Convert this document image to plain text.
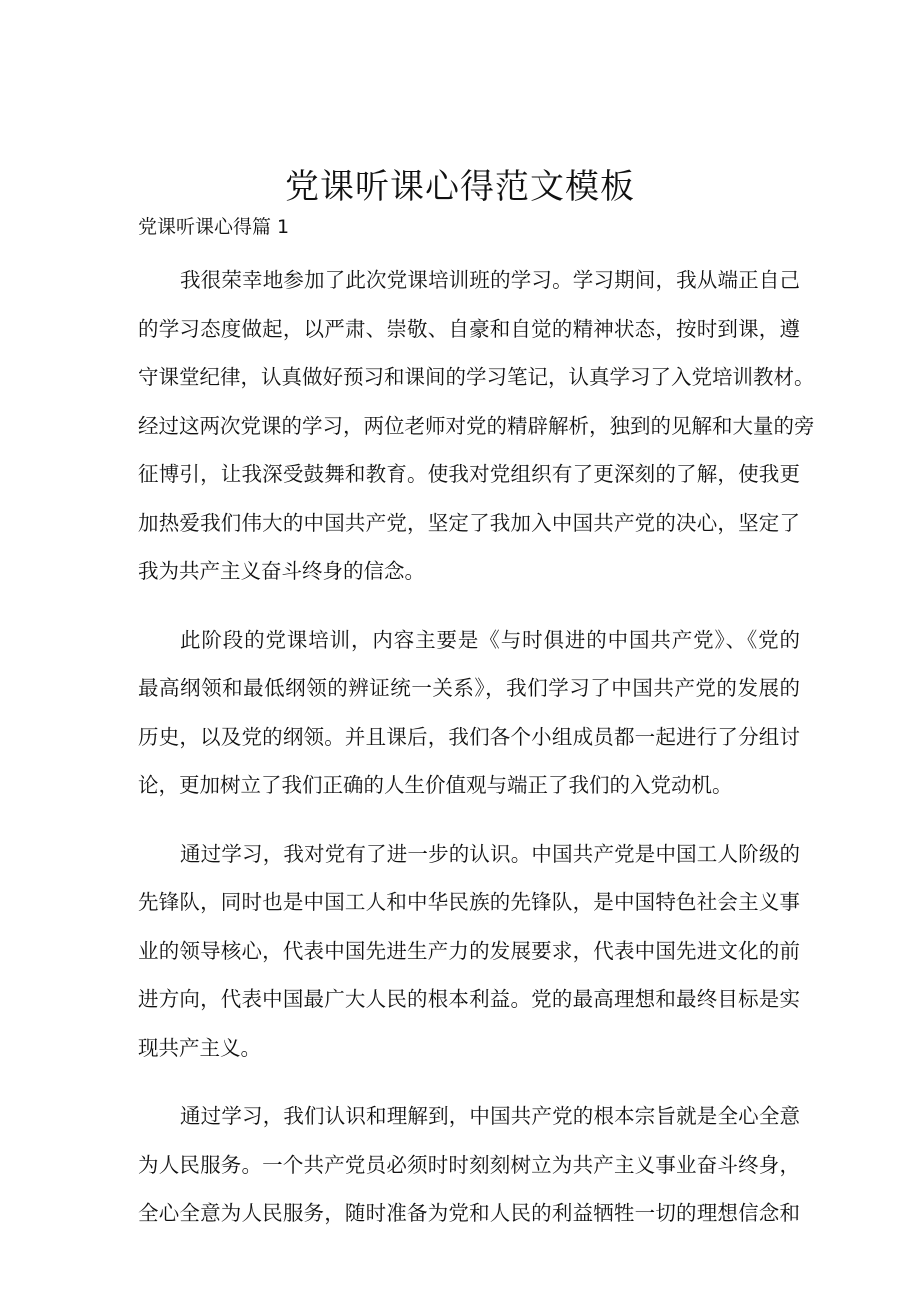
党课听课心得范文模板
党课听课心得篇 1
我很荣幸地参加了此次党课培训班的学习。学习期间，我从端正自己
的学习态度做起，以严肃、崇敬、自豪和自觉的精神状态，按时到课，遵
守课堂纪律，认真做好预习和课间的学习笔记，认真学习了入党培训教材。
经过这两次党课的学习，两位老师对党的精辟解析，独到的见解和大量的旁
征博引，让我深受鼓舞和教育。使我对党组织有了更深刻的了解，使我更
加热爱我们伟大的中国共产党，坚定了我加入中国共产党的决心，坚定了
我为共产主义奋斗终身的信念。
此阶段的党课培训，内容主要是《与时俱进的中国共产党》、《党的
最高纲领和最低纲领的辨证统一关系》，我们学习了中国共产党的发展的
历史，以及党的纲领。并且课后，我们各个小组成员都一起进行了分组讨
论，更加树立了我们正确的人生价值观与端正了我们的入党动机。
通过学习，我对党有了进一步的认识。中国共产党是中国工人阶级的
先锋队，同时也是中国工人和中华民族的先锋队，是中国特色社会主义事
业的领导核心，代表中国先进生产力的发展要求，代表中国先进文化的前
进方向，代表中国最广大人民的根本利益。党的最高理想和最终目标是实
现共产主义。
通过学习，我们认识和理解到，中国共产党的根本宗旨就是全心全意
为人民服务。一个共产党员必须时时刻刻树立为共产主义事业奋斗终身，
全心全意为人民服务，随时准备为党和人民的利益牺牲一切的理想信念和
